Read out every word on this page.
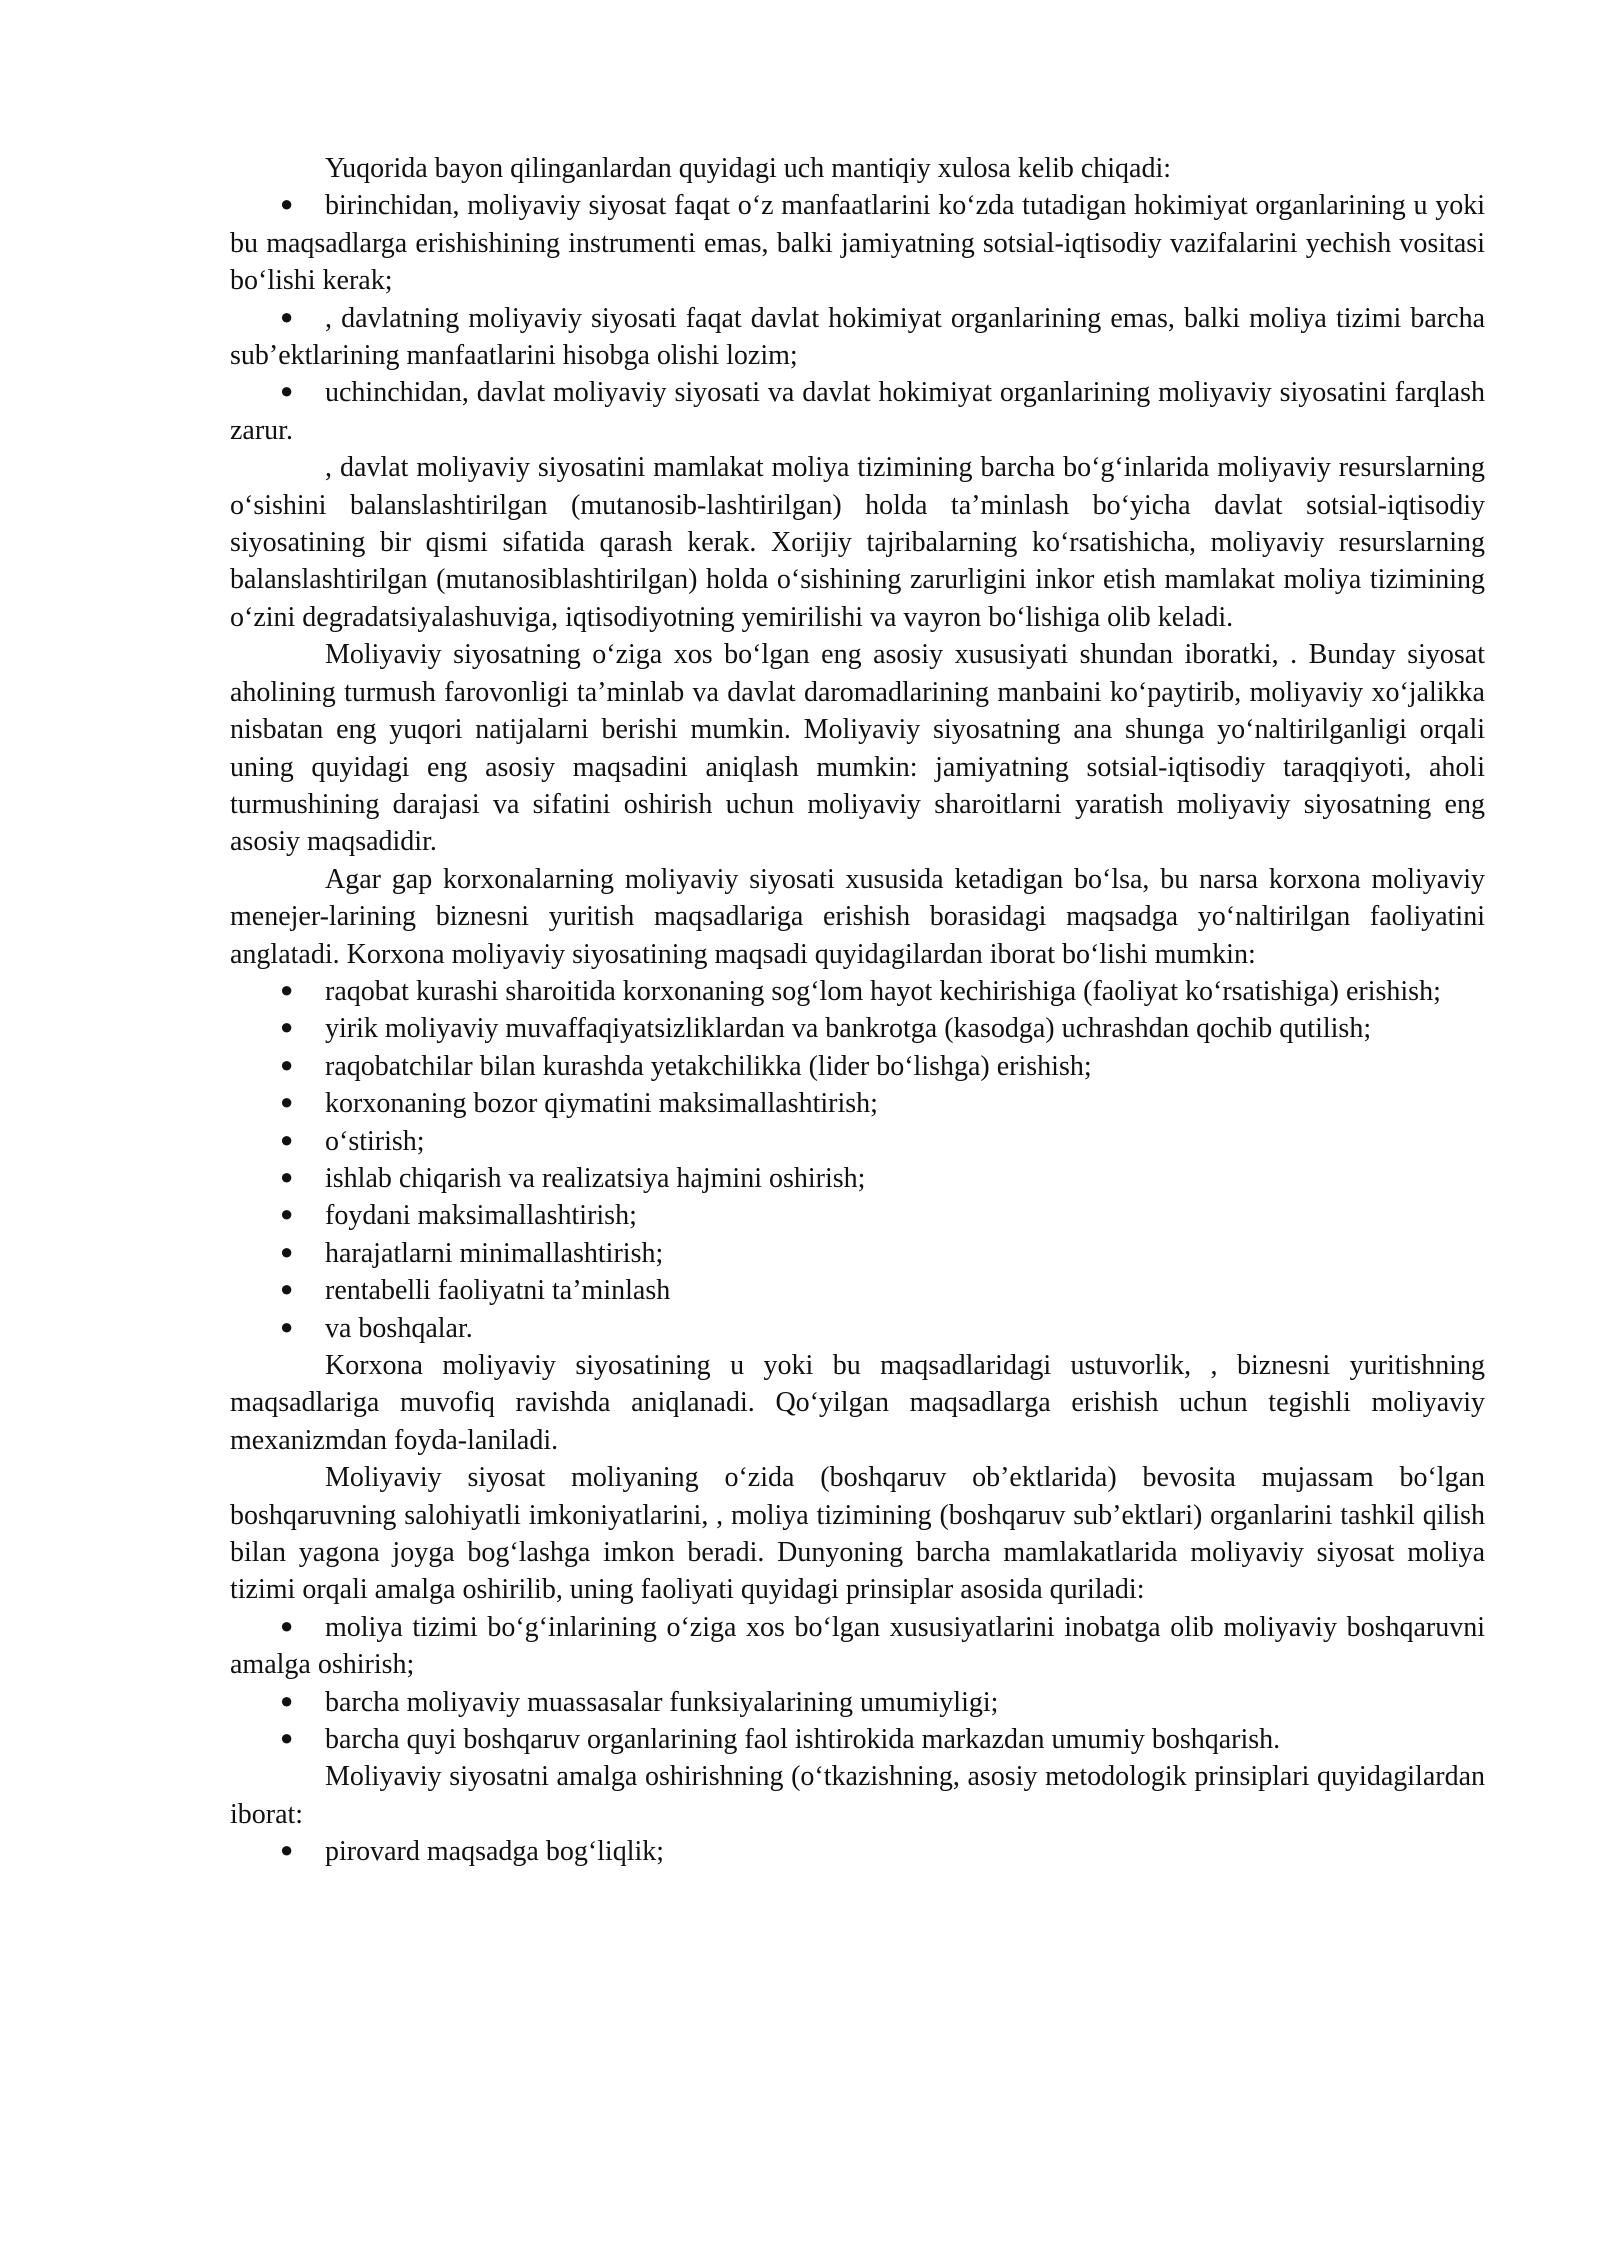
Yuqorida bayon qilinganlardan quyidagi uch mantiqiy xulosa kelib chiqadi:

● birinchidan, moliyaviy siyosat faqat o‘z manfaatlarini ko‘zda tutadigan hokimiyat organlarining u yoki bu maqsadlarga erishishining instrumenti emas, balki jamiyatning sotsial-iqtisodiy vazifalarini yechish vositasi bo‘lishi kerak;

● , davlatning moliyaviy siyosati faqat davlat hokimiyat organlarining emas, balki moliya tizimi barcha sub’ektlarining manfaatlarini hisobga olishi lozim;

● uchinchidan, davlat moliyaviy siyosati va davlat hokimiyat organlarining moliyaviy siyosatini farqlash zarur.

, davlat moliyaviy siyosatini mamlakat moliya tizimining barcha bo‘g‘inlarida moliyaviy resurslarning o‘sishini balanslashtirilgan (mutanosib-lashtirilgan) holda ta’minlash bo‘yicha davlat sotsial-iqtisodiy siyosatining bir qismi sifatida qarash kerak. Xorijiy tajribalarning ko‘rsatishicha, moliyaviy resurslarning balanslashtirilgan (mutanosiblashtirilgan) holda o‘sishining zarurligini inkor etish mamlakat moliya tizimining o‘zini degradatsiyalashuviga, iqtisodiyotning yemirilishi va vayron bo‘lishiga olib keladi.

Moliyaviy siyosatning o‘ziga xos bo‘lgan eng asosiy xususiyati shundan iboratki, . Bunday siyosat aholining turmush farovonligi ta’minlab va davlat daromadlarining manbaini ko‘paytirib, moliyaviy xo‘jalikka nisbatan eng yuqori natijalarni berishi mumkin. Moliyaviy siyosatning ana shunga yo‘naltirilganligi orqali uning quyidagi eng asosiy maqsadini aniqlash mumkin: jamiyatning sotsial-iqtisodiy taraqqiyoti, aholi turmushining darajasi va sifatini oshirish uchun moliyaviy sharoitlarni yaratish moliyaviy siyosatning eng asosiy maqsadidir.

Agar gap korxonalarning moliyaviy siyosati xususida ketadigan bo‘lsa, bu narsa korxona moliyaviy menejer-larining biznesni yuritish maqsadlariga erishish borasidagi maqsadga yo‘naltirilgan faoliyatini anglatadi. Korxona moliyaviy siyosatining maqsadi quyidagilardan iborat bo‘lishi mumkin:

● raqobat kurashi sharoitida korxonaning sog‘lom hayot kechirishiga (faoliyat ko‘rsatishiga) erishish;

● yirik moliyaviy muvaffaqiyatsizliklardan va bankrotga (kasodga) uchrashdan qochib qutilish;

● raqobatchilar bilan kurashda yetakchilikka (lider bo‘lishga) erishish;

● korxonaning bozor qiymatini maksimallashtirish;

● o‘stirish;

● ishlab chiqarish va realizatsiya hajmini oshirish;

● foydani maksimallashtirish;

● harajatlarni minimallashtirish;

● rentabelli faoliyatni ta’minlash

● va boshqalar.

Korxona moliyaviy siyosatining u yoki bu maqsadlaridagi ustuvorlik, , biznesni yuritishning maqsadlariga muvofiq ravishda aniqlanadi. Qo‘yilgan maqsadlarga erishish uchun tegishli moliyaviy mexanizmdan foyda-laniladi.

Moliyaviy siyosat moliyaning o‘zida (boshqaruv ob’ektlarida) bevosita mujassam bo‘lgan boshqaruvning salohiyatli imkoniyatlarini, , moliya tizimining (boshqaruv sub’ektlari) organlarini tashkil qilish bilan yagona joyga bog‘lashga imkon beradi. Dunyoning barcha mamlakatlarida moliyaviy siyosat moliya tizimi orqali amalga oshirilib, uning faoliyati quyidagi prinsiplar asosida quriladi:

● moliya tizimi bo‘g‘inlarining o‘ziga xos bo‘lgan xususiyatlarini inobatga olib moliyaviy boshqaruvni amalga oshirish;

● barcha moliyaviy muassasalar funksiyalarining umumiyligi;

● barcha quyi boshqaruv organlarining faol ishtirokida markazdan umumiy boshqarish.

Moliyaviy siyosatni amalga oshirishning (o‘tkazishning, asosiy metodologik prinsiplari quyidagilardan iborat:

● pirovard maqsadga bog‘liqlik;
